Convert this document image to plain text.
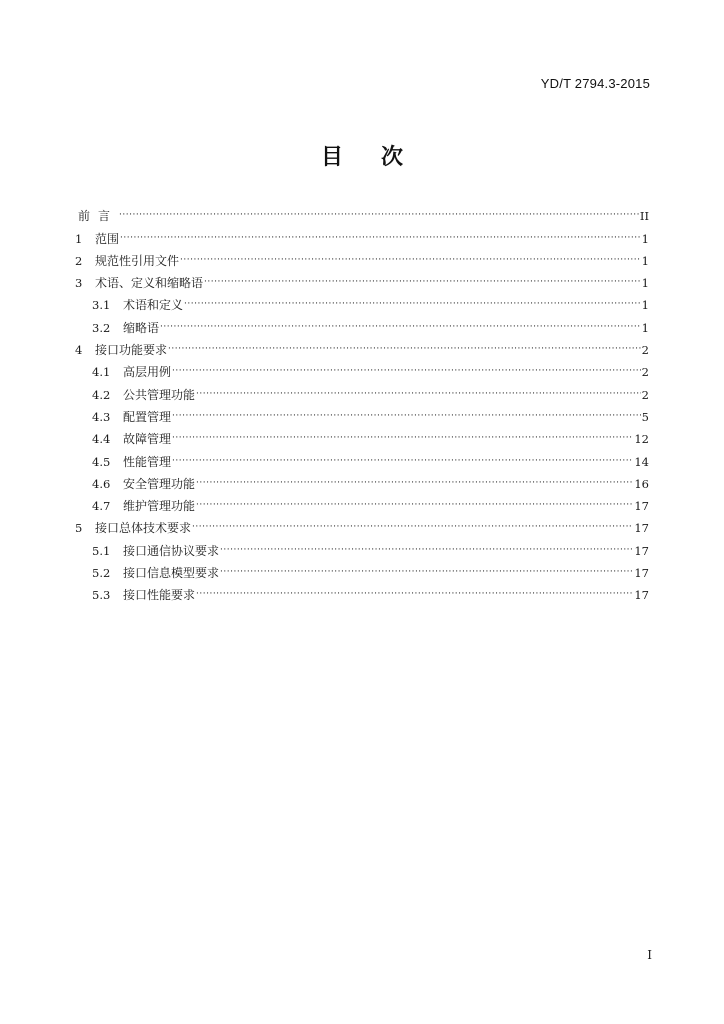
YD/T 2794.3-2015
目次
前言 ·····	II
1	范围 ·····	1
2	规范性引用文件 ·····	1
3	术语、定义和缩略语 ·····	1
3.1	术语和定义 ·····	1
3.2	缩略语 ·····	1
4	接口功能要求 ·····	2
4.1	高层用例 ·····	2
4.2	公共管理功能 ·····	2
4.3	配置管理 ·····	5
4.4	故障管理 ·····	12
4.5	性能管理 ·····	14
4.6	安全管理功能 ·····	16
4.7	维护管理功能 ·····	17
5	接口总体技术要求 ·····	17
5.1	接口通信协议要求 ·····	17
5.2	接口信息模型要求 ·····	17
5.3	接口性能要求 ·····	17
I
